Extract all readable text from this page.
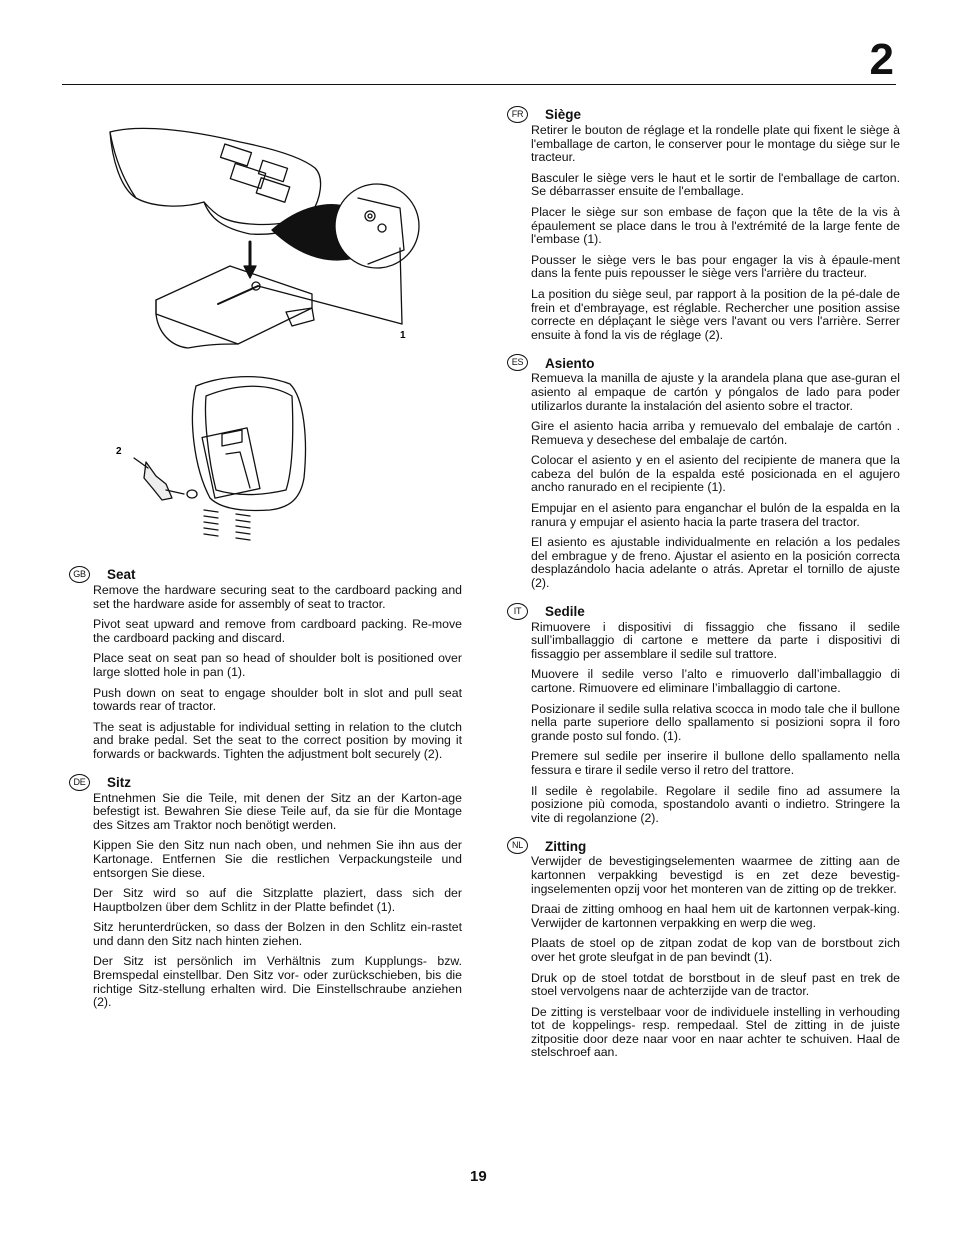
2
1
2
GB	Seat

Remove the hardware securing seat to the cardboard packing and set the hardware aside for assembly of seat to tractor.

Pivot seat upward and remove from cardboard packing. Re-move the cardboard packing and discard.

Place seat on seat pan so head of shoulder bolt is positioned over large slotted hole in pan (1).

Push down on seat to engage shoulder bolt in slot and pull seat towards rear of tractor.

The seat is adjustable for individual setting in relation to the clutch and brake pedal. Set the seat to the correct position by moving it forwards or backwards. Tighten the adjustment bolt securely (2).

DE	Sitz

Entnehmen Sie die Teile, mit denen der Sitz an der Karton-age befestigt ist. Bewahren Sie diese Teile auf, da sie für die Montage des Sitzes am Traktor noch benötigt werden.

Kippen Sie den Sitz nun nach oben, und nehmen Sie ihn aus der Kartonage. Entfernen Sie die restlichen Verpackungsteile und entsorgen Sie diese.

Der Sitz wird so auf die Sitzplatte plaziert, dass sich der Hauptbolzen über dem Schlitz in der Platte befindet (1).

Sitz herunterdrücken, so dass der Bolzen in den Schlitz ein-rastet und dann den Sitz nach hinten ziehen.

Der Sitz ist persönlich im Verhältnis zum Kupplungs- bzw. Bremspedal einstellbar. Den Sitz vor- oder zurückschieben, bis die richtige Sitz-stellung erhalten wird. Die Einstellschraube anziehen (2).

FR	Siège

Retirer le bouton de réglage et la rondelle plate qui fixent le siège à l'emballage de carton, le conserver pour le montage du siège sur le tracteur.

Basculer le siège vers le haut et le sortir de l'emballage de carton. Se débarrasser ensuite de l'emballage.

Placer le siège sur son embase de façon que la tête de la vis à épaulement se place dans le trou à l'extrémité de la large fente de l'embase (1).

Pousser le siège vers le bas pour engager la vis à épaule-ment dans la fente puis repousser le siège vers l'arrière du tracteur.

La position du siège seul, par rapport à la position de la pé-dale de frein et d'embrayage, est réglable. Rechercher une position assise correcte en déplaçant le siège vers l'avant ou vers l'arrière. Serrer ensuite à fond la vis de réglage (2).

ES	Asiento

Remueva la manilla de ajuste y la arandela plana que ase-guran el asiento al empaque de cartón y póngalos de lado para poder utilizarlos durante la instalación del asiento sobre el tractor.

Gire el asiento hacia arriba y remuevalo del embalaje de cartón . Remueva y desechese del embalaje de cartón.

Colocar el asiento y en el asiento del recipiente de manera que la cabeza del bulón de la espalda esté posicionada en el agujero ancho ranurado en el recipiente (1).

Empujar en el asiento para enganchar el bulón de la espalda en la ranura y empujar el asiento hacia la parte trasera del tractor.

El asiento es ajustable individualmente en relación a los pedales del embrague y de freno. Ajustar el asiento en la posición correcta desplazándolo hacia adelante o atrás. Apretar el tornillo de ajuste (2).

IT	Sedile

Rimuovere i dispositivi di fissaggio che fissano il sedile sull’imballaggio di cartone e mettere da parte i dispositivi di fissaggio per assemblare il sedile sul trattore.

Muovere il sedile verso l’alto e rimuoverlo dall’imballaggio di cartone. Rimuovere ed eliminare l’imballaggio di cartone.

Posizionare il sedile sulla relativa scocca in modo tale che il bullone nella parte superiore dello spallamento si posizioni sopra il foro grande posto sul fondo. (1).

Premere sul sedile per inserire il bullone dello spallamento nella fessura e tirare il sedile verso il retro del trattore.

Il sedile è regolabile. Regolare il sedile fino ad assumere la posizione più comoda, spostandolo avanti o indietro. Stringere la vite di regolanzione (2).

NL	Zitting

Verwijder de bevestigingselementen waarmee de zitting aan de kartonnen verpakking bevestigd is en zet deze bevestig-ingselementen opzij voor het monteren van de zitting op de trekker.

Draai de zitting omhoog en haal hem uit de kartonnen verpak-king. Verwijder de kartonnen verpakking en werp die weg.

Plaats de stoel op de zitpan zodat de kop van de borstbout zich over het grote sleufgat in de pan bevindt (1).

Druk op de stoel totdat de borstbout in de sleuf past en trek de stoel vervolgens naar de achterzijde van de tractor.

De zitting is verstelbaar voor de individuele instelling in verhouding tot de koppelings- resp. rempedaal. Stel de zitting in de juiste zitpositie door deze naar voor en naar achter te schuiven. Haal de stelschroef aan.

19
